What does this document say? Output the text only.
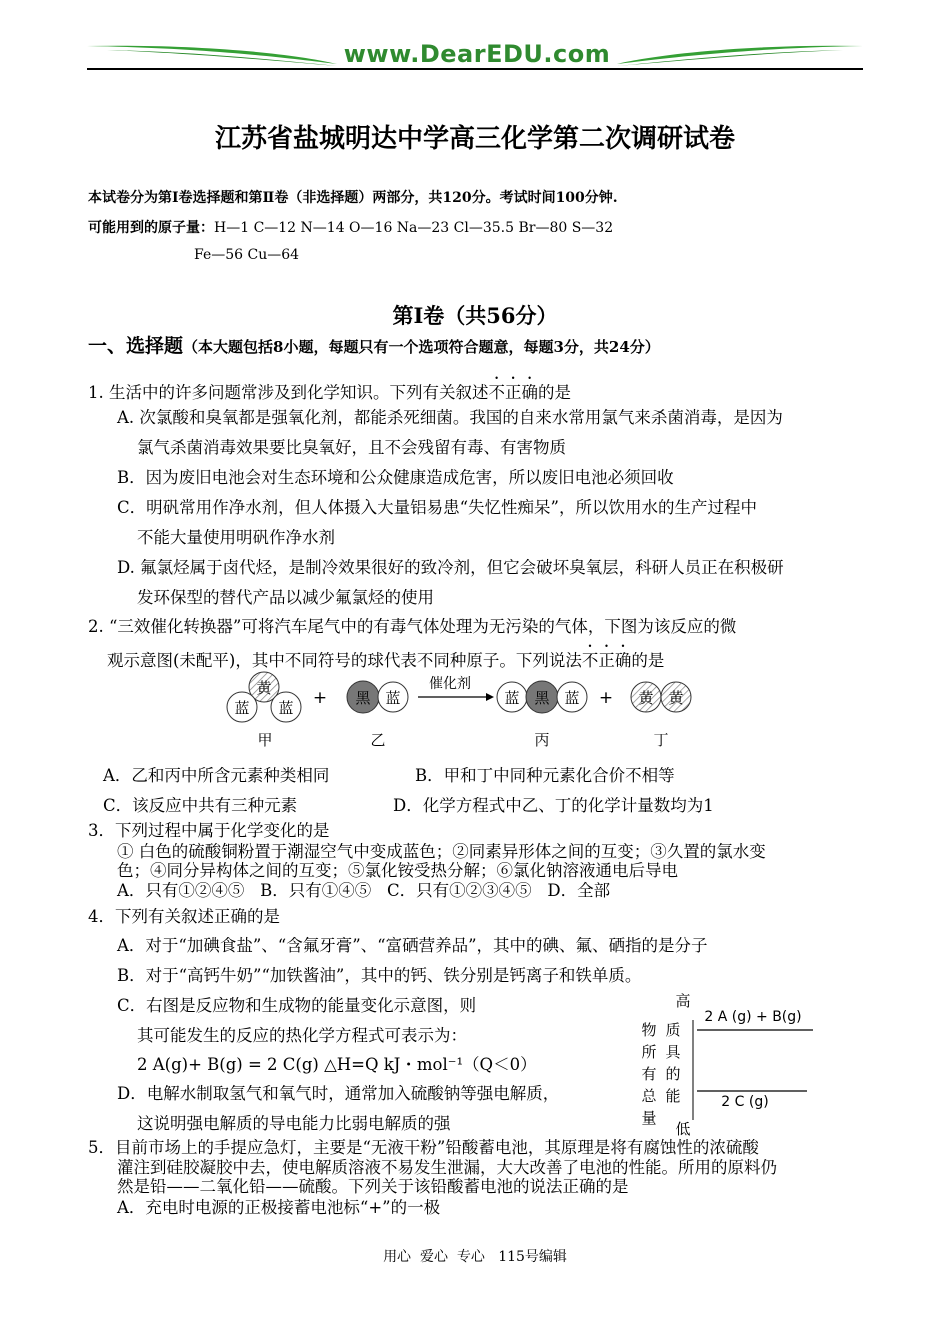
www.DearEDU.com
江苏省盐城明达中学高三化学第二次调研试卷
本试卷分为第Ⅰ卷选择题和第Ⅱ卷（非选择题）两部分，共120分。考试时间100分钟.
可能用到的原子量：H—1 C—12 N—14 O—16 Na—23 Cl—35.5 Br—80 S—32
Fe—56 Cu—64
第Ⅰ卷（共56分）
一、选择题（本大题包括8小题，每题只有一个选项符合题意，每题3分，共24分）
1. 生活中的许多问题常涉及到化学知识。下列有关叙述不正确的是
A. 次氯酸和臭氧都是强氧化剂，都能杀死细菌。我国的自来水常用氯气来杀菌消毒，是因为
氯气杀菌消毒效果要比臭氧好，且不会残留有毒、有害物质
B．因为废旧电池会对生态环境和公众健康造成危害，所以废旧电池必须回收
C．明矾常用作净水剂，但人体摄入大量铝易患“失忆性痴呆”，所以饮用水的生产过程中
不能大量使用明矾作净水剂
D. 氟氯烃属于卤代烃，是制冷效果很好的致冷剂，但它会破坏臭氧层，科研人员正在积极研
发环保型的替代产品以减少氟氯烃的使用
2. “三效催化转换器”可将汽车尾气中的有毒气体处理为无污染的气体，下图为该反应的微
观示意图(未配平)，其中不同符号的球代表不同种原子。下列说法不正确的是
黄
蓝 蓝 + 黑 蓝
催化剂
蓝 黑 蓝 + 黄 黄
甲	乙	丙	丁
A．乙和丙中所含元素种类相同	B．甲和丁中同种元素化合价不相等
C．该反应中共有三种元素	D．化学方程式中乙、丁的化学计量数均为1
3．下列过程中属于化学变化的是
① 白色的硫酸铜粉置于潮湿空气中变成蓝色；②同素异形体之间的互变；③久置的氯水变
色；④同分异构体之间的互变；⑤氯化铵受热分解；⑥氯化钠溶液通电后导电
A．只有①②④⑤   B．只有①④⑤   C．只有①②③④⑤   D．全部
4．下列有关叙述正确的是
A．对于“加碘食盐”、“含氟牙膏”、“富硒营养品”，其中的碘、氟、硒指的是分子
B．对于“高钙牛奶”“加铁酱油”，其中的钙、铁分别是钙离子和铁单质。
C．右图是反应物和生成物的能量变化示意图，则
其可能发生的反应的热化学方程式可表示为：
2 A(g)+ B(g) = 2 C(g) △H=Q kJ・mol⁻¹（Q＜0）
D．电解水制取氢气和氧气时，通常加入硫酸钠等强电解质，
这说明强电解质的导电能力比弱电解质的强
高
低
物
所
有
总
量
质
具
的
能
2 A (g) + B(g)
2 C (g)
5．目前市场上的手提应急灯，主要是“无液干粉”铅酸蓄电池，其原理是将有腐蚀性的浓硫酸
灌注到硅胶凝胶中去，使电解质溶液不易发生泄漏，大大改善了电池的性能。所用的原料仍
然是铅——二氧化铅——硫酸。下列关于该铅酸蓄电池的说法正确的是
A．充电时电源的正极接蓄电池标“+”的一极
用心  爱心  专心   115号编辑
